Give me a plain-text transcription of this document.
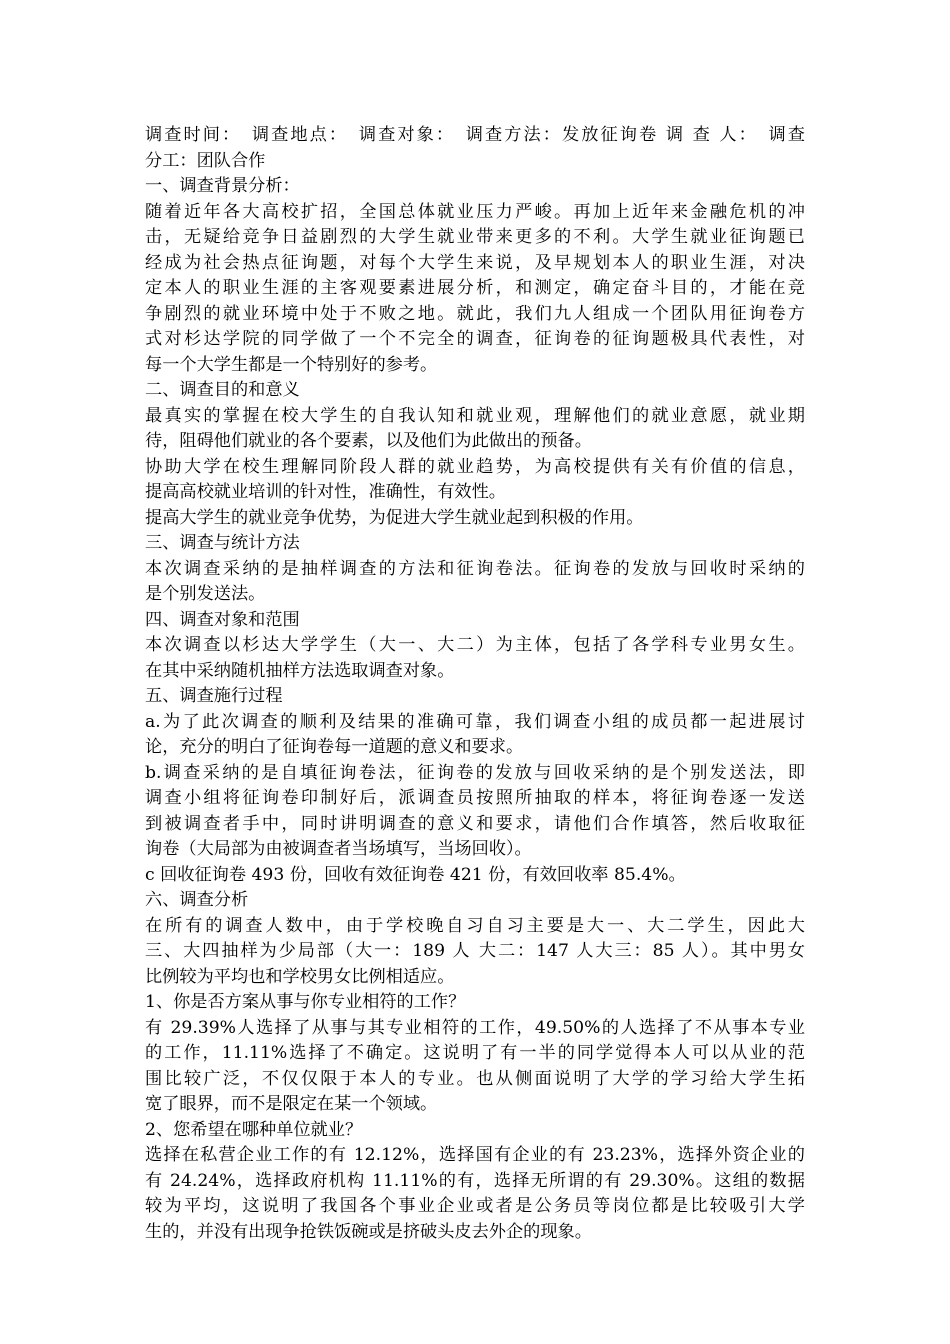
调查时间：　调查地点：　调查对象：　调查方法：发放征询卷 调 查 人：　调查
分工：团队合作
一、调查背景分析：
随着近年各大高校扩招，全国总体就业压力严峻。再加上近年来金融危机的冲
击，无疑给竞争日益剧烈的大学生就业带来更多的不利。大学生就业征询题已
经成为社会热点征询题，对每个大学生来说，及早规划本人的职业生涯，对决
定本人的职业生涯的主客观要素进展分析，和测定，确定奋斗目的，才能在竞
争剧烈的就业环境中处于不败之地。就此，我们九人组成一个团队用征询卷方
式对杉达学院的同学做了一个不完全的调查，征询卷的征询题极具代表性，对
每一个大学生都是一个特别好的参考。
二、调查目的和意义
最真实的掌握在校大学生的自我认知和就业观，理解他们的就业意愿，就业期
待，阻碍他们就业的各个要素，以及他们为此做出的预备。
协助大学在校生理解同阶段人群的就业趋势，为高校提供有关有价值的信息，
提高高校就业培训的针对性，准确性，有效性。
提高大学生的就业竞争优势，为促进大学生就业起到积极的作用。
三、调查与统计方法
本次调查采纳的是抽样调查的方法和征询卷法。征询卷的发放与回收时采纳的
是个别发送法。
四、调查对象和范围
本次调查以杉达大学学生（大一、大二）为主体，包括了各学科专业男女生。
在其中采纳随机抽样方法选取调查对象。
五、调查施行过程
a.为了此次调查的顺利及结果的准确可靠，我们调查小组的成员都一起进展讨
论，充分的明白了征询卷每一道题的意义和要求。
b.调查采纳的是自填征询卷法，征询卷的发放与回收采纳的是个别发送法，即
调查小组将征询卷印制好后，派调查员按照所抽取的样本，将征询卷逐一发送
到被调查者手中，同时讲明调查的意义和要求，请他们合作填答，然后收取征
询卷（大局部为由被调查者当场填写，当场回收）。
c 回收征询卷 493 份，回收有效征询卷 421 份，有效回收率 85.4%。
六、调查分析
在所有的调查人数中，由于学校晚自习自习主要是大一、大二学生，因此大
三、大四抽样为少局部（大一：189 人 大二：147 人大三：85 人）。其中男女
比例较为平均也和学校男女比例相适应。
1、你是否方案从事与你专业相符的工作？
有 29.39%人选择了从事与其专业相符的工作，49.50%的人选择了不从事本专业
的工作，11.11%选择了不确定。这说明了有一半的同学觉得本人可以从业的范
围比较广泛，不仅仅限于本人的专业。也从侧面说明了大学的学习给大学生拓
宽了眼界，而不是限定在某一个领域。
2、您希望在哪种单位就业？
选择在私营企业工作的有 12.12%，选择国有企业的有 23.23%，选择外资企业的
有 24.24%，选择政府机构 11.11%的有，选择无所谓的有 29.30%。这组的数据
较为平均，这说明了我国各个事业企业或者是公务员等岗位都是比较吸引大学
生的，并没有出现争抢铁饭碗或是挤破头皮去外企的现象。
